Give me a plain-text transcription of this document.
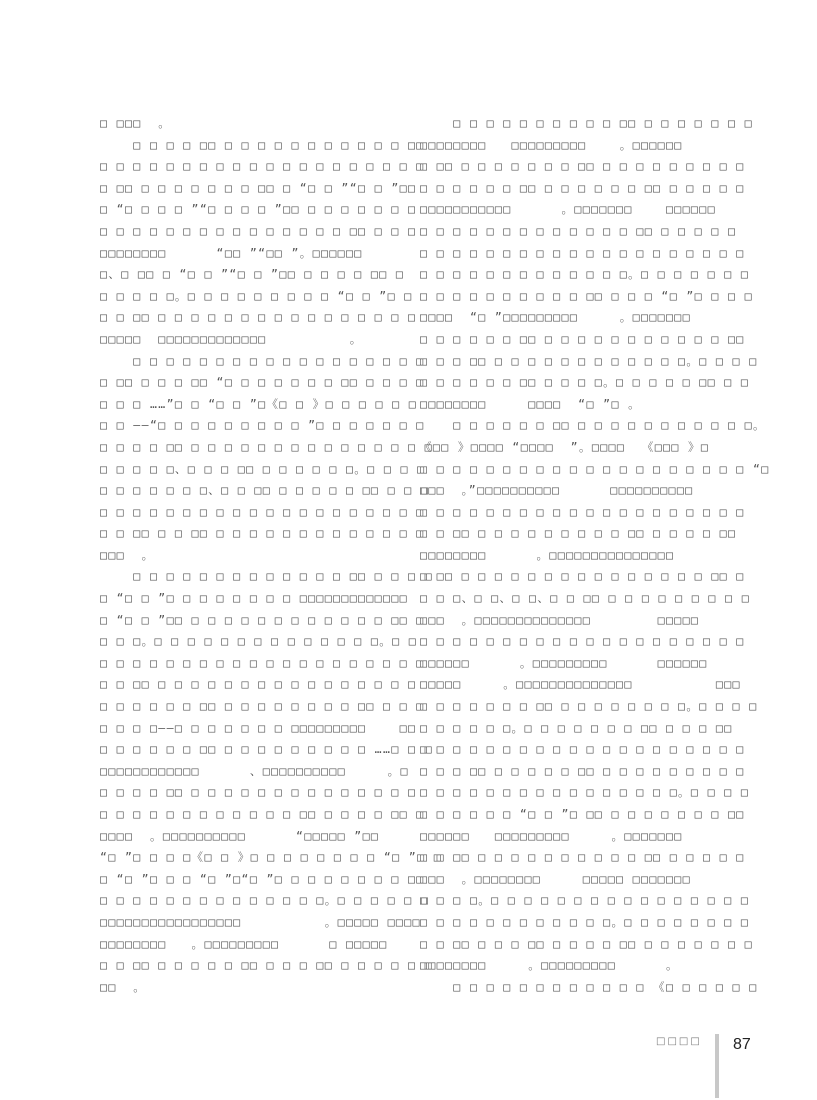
□ □□□  。
□ □ □ □ □□ □ □ □ □ □ □ □ □ □ □ □ □□
□ □ □ □ □ □ □ □ □ □ □ □ □ □ □ □ □ □ □ □
□ □□ □ □ □ □ □ □ □ □□ □ “□ □ ”“□ □ ”□□
□ “□ □ □ □ ”“□ □ □ □ ”□□ □ □ □ □ □ □ □
□ □ □ □ □ □ □ □ □ □ □ □ □ □ □ □□ □ □ □
□□□□□□□□      “□□ ”“□□ ”。□□□□□□
□、□ □□ □ “□ □ ”“□ □ ”□□ □ □ □ □ □□ □
□ □ □ □ □。□ □ □ □ □ □ □ □ □ “□ □ ”□ □
□ □ □□ □ □ □ □ □ □ □ □ □ □ □ □ □ □ □ □
□□□□□  □□□□□□□□□□□□□          。
□ □ □ □ □ □ □ □ □ □ □ □ □ □ □ □ □ □
□ □□ □ □ □ □□ “□ □ □ □ □ □ □ □□ □ □ □ □
□ □ □ ……”□ □ “□ □ ”□《□ □ 》□ □ □ □ □ □
□ □ ——“□ □ □ □ □ □ □ □ □ ”□ □ □ □ □ □ □
□ □ □ □ □□ □ □ □ □ □ □ □ □ □ □ □ □ □ □ □
□ □ □ □ □、□ □ □ □□ □ □ □ □ □ □。□ □ □ □
□ □ □ □ □ □ □、□ □ □□ □ □ □ □ □ □□ □ □ □
□ □ □ □ □ □ □ □ □ □ □ □ □ □ □ □ □ □ □ □
□ □ □□ □ □ □□ □ □ □ □ □ □ □ □ □ □ □ □ □
□□□  。
□ □ □ □ □ □ □ □ □ □ □ □ □ □□ □ □ □ □
□ “□ □ ”□ □ □ □ □ □ □ □ □□□□□□□□□□□□□
□ “□ □ ”□□ □ □ □ □ □ □ □ □ □ □ □ □ □□ □
□ □ □。□ □ □ □ □ □ □ □ □ □ □ □ □ □。□ □
□ □ □ □ □ □ □ □ □ □ □ □ □ □ □ □ □ □ □ □
□ □ □□ □ □ □ □ □ □ □ □ □ □ □ □ □ □ □ □
□ □ □ □ □ □ □□ □ □ □ □ □ □ □ □ □□ □ □ □
□ □ □ □——□ □ □ □ □ □ □ □□□□□□□□□    □□
□ □ □ □ □ □ □□ □ □ □ □ □ □ □ □ □ ……□ □ □
□□□□□□□□□□□□      、□□□□□□□□□□     。□
□ □ □ □ □□ □ □ □ □ □ □ □ □ □ □ □ □ □ □
□ □ □ □ □ □ □ □ □ □ □ □ □□ □ □ □ □ □□ □
□□□□  。□□□□□□□□□□      “□□□□□ ”□□
“□ ”□ □ □ □《□ □ 》□ □ □ □ □ □ □ □ “□ ”□ □
□ “□ ”□ □ □ “□ ”□“□ ”□ □ □ □ □ □ □ □ □□
□ □ □ □ □ □ □ □ □ □ □ □ □ □。□ □ □ □ □ □
□□□□□□□□□□□□□□□□□          。□□□□□ □□□□
□□□□□□□□   。□□□□□□□□□      □ □□□□□
□ □ □□ □ □ □ □ □ □□ □ □ □ □□ □ □ □ □ □ □
□□  。
□ □ □ □ □ □ □ □ □ □ □□ □ □ □ □ □ □ □
□□□□□□□□   □□□□□□□□□    。□□□□□□
□ □□ □ □ □ □ □ □ □ □□ □ □ □ □ □ □ □ □ □
□ □ □ □ □ □ □□ □ □ □ □ □ □ □□ □ □ □ □ □
□□□□□□□□□□□      。□□□□□□□    □□□□□□
□ □ □ □ □ □ □ □ □ □ □ □ □ □□ □ □ □ □ □
□ □ □ □ □ □ □ □ □ □ □ □ □ □ □ □ □ □ □ □
□ □ □ □ □ □ □ □ □ □ □ □ □。□ □ □ □ □ □ □
□ □ □ □ □ □ □ □ □ □ □□ □ □ □ “□ ”□ □ □ □
□□□□  “□ ”□□□□□□□□□     。□□□□□□□
□ □ □ □ □ □ □□ □ □ □ □ □ □ □ □ □ □ □ □□
□ □ □ □□ □ □ □ □ □ □ □ □ □ □ □ □。□ □ □ □
□ □ □ □ □ □ □□ □ □ □ □。□ □ □ □ □ □□ □ □
□□□□□□□□     □□□□  “□ ”□ 。
□ □ □ □ □ □ □□ □ □ □ □ □ □ □ □ □ □ □。
《□□ 》□□□□ “□□□□  ”。□□□□  《□□□ 》□
□ □ □ □ □ □ □ □ □ □ □ □ □ □ □ □ □ □ □ □ “□
□□□  。”□□□□□□□□□□      □□□□□□□□□□
□ □ □ □ □ □ □ □ □ □ □ □ □ □ □ □ □ □ □ □
□ □ □□ □ □ □ □ □ □ □ □ □ □□ □ □ □ □ □□
□□□□□□□□      。□□□□□□□□□□□□□□□
□ □□ □ □ □ □ □ □ □ □ □ □ □ □ □ □ □ □□ □
□ □ □、□ □、□ □、□ □ □□ □ □ □ □ □ □ □ □ □
□□□  。□□□□□□□□□□□□□□        □□□□□
□ □ □ □ □ □ □ □ □ □ □ □ □ □ □ □ □ □ □ □
□□□□□□      。□□□□□□□□□      □□□□□□
□□□□□     。□□□□□□□□□□□□□□          □□□
□ □ □ □ □ □ □ □□ □ □ □ □ □ □ □ □。□ □ □ □
□ □ □ □ □ □。□ □ □ □ □ □ □ □□ □ □ □ □□
□ □ □ □ □ □ □ □ □ □ □ □ □ □ □ □ □ □ □ □
□ □ □ □□ □ □ □ □ □ □□ □ □ □ □ □ □ □ □ □
□ □ □ □ □ □ □ □ □ □ □ □ □ □ □ □。□ □ □ □
□ □ □ □ □ □ “□ □ ”□ □□ □ □ □ □ □ □ □ □□
□□□□□□   □□□□□□□□□     。□□□□□□□
□ □ □□ □ □ □ □ □ □ □ □ □ □ □□ □ □ □ □ □
□□□  。□□□□□□□□     □□□□□ □□□□□□□
□ □ □ □。□ □ □ □ □ □ □ □ □ □ □ □ □ □ □ □
□ □ □ □ □ □ □ □ □ □ □ □。□ □ □ □ □ □ □ □
□ □ □□ □ □ □ □□ □ □ □ □ □□ □ □ □ □ □ □ □
□□□□□□□□     。□□□□□□□□□      。
□ □ □ □ □ □ □ □ □ □ □ □ 《□ □ □ □ □ □
□□□□ 87
